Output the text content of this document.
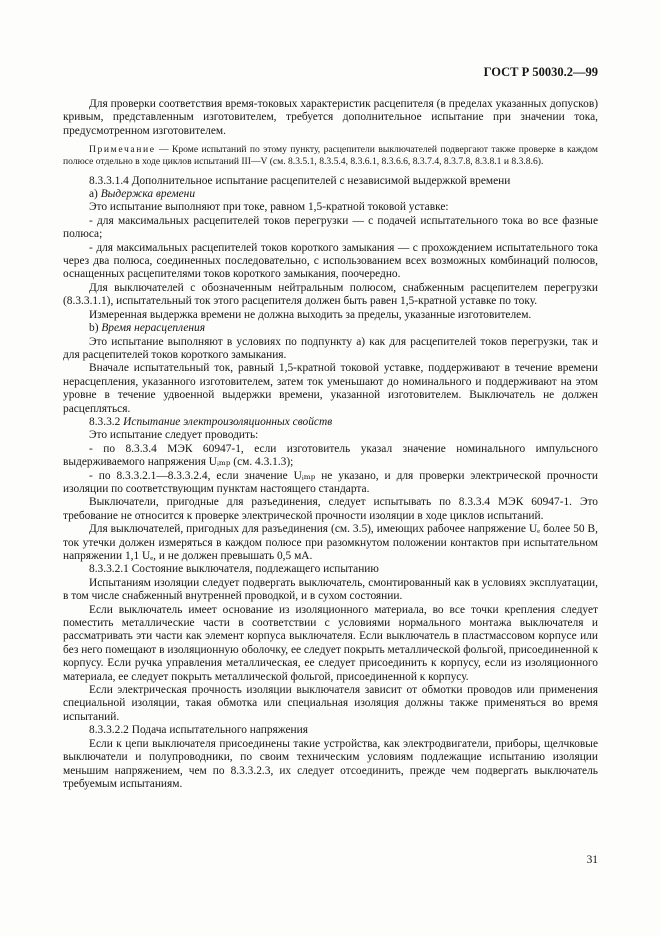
ГОСТ Р 50030.2—99

Для проверки соответствия время-токовых характеристик расцепителя (в пределах указанных допусков) кривым, представленным изготовителем, требуется дополнительное испытание при значении тока, предусмотренном изготовителем.

Примечание — Кроме испытаний по этому пункту, расцепители выключателей подвергают также проверке в каждом полюсе отдельно в ходе циклов испытаний III—V (см. 8.3.5.1, 8.3.5.4, 8.3.6.1, 8.3.6.6, 8.3.7.4, 8.3.7.8, 8.3.8.1 и 8.3.8.6).

8.3.3.1.4 Дополнительное испытание расцепителей с независимой выдержкой времени

а) Выдержка времени

Это испытание выполняют при токе, равном 1,5-кратной токовой уставке:

- для максимальных расцепителей токов перегрузки — с подачей испытательного тока во все фазные полюса;

- для максимальных расцепителей токов короткого замыкания — с прохождением испытательного тока через два полюса, соединенных последовательно, с использованием всех возможных комбинаций полюсов, оснащенных расцепителями токов короткого замыкания, поочередно.

Для выключателей с обозначенным нейтральным полюсом, снабженным расцепителем перегрузки (8.3.3.1.1), испытательный ток этого расцепителя должен быть равен 1,5-кратной уставке по току.

Измеренная выдержка времени не должна выходить за пределы, указанные изготовителем.

b) Время нерасцепления

Это испытание выполняют в условиях по подпункту а) как для расцепителей токов перегрузки, так и для расцепителей токов короткого замыкания.

Вначале испытательный ток, равный 1,5-кратной токовой уставке, поддерживают в течение времени нерасцепления, указанного изготовителем, затем ток уменьшают до номинального и поддерживают на этом уровне в течение удвоенной выдержки времени, указанной изготовителем. Выключатель не должен расцепляться.

8.3.3.2 Испытание электроизоляционных свойств

Это испытание следует проводить:

- по 8.3.3.4 МЭК 60947-1, если изготовитель указал значение номинального импульсного выдерживаемого напряжения Uᵢₘₚ (см. 4.3.1.3);

- по 8.3.3.2.1—8.3.3.2.4, если значение Uᵢₘₚ не указано, и для проверки электрической прочности изоляции по соответствующим пунктам настоящего стандарта.

Выключатели, пригодные для разъединения, следует испытывать по 8.3.3.4 МЭК 60947-1. Это требование не относится к проверке электрической прочности изоляции в ходе циклов испытаний.

Для выключателей, пригодных для разъединения (см. 3.5), имеющих рабочее напряжение Uₑ более 50 В, ток утечки должен измеряться в каждом полюсе при разомкнутом положении контактов при испытательном напряжении 1,1 Uₑ, и не должен превышать 0,5 мА.

8.3.3.2.1 Состояние выключателя, подлежащего испытанию

Испытаниям изоляции следует подвергать выключатель, смонтированный как в условиях эксплуатации, в том числе снабженный внутренней проводкой, и в сухом состоянии.

Если выключатель имеет основание из изоляционного материала, во все точки крепления следует поместить металлические части в соответствии с условиями нормального монтажа выключателя и рассматривать эти части как элемент корпуса выключателя. Если выключатель в пластмассовом корпусе или без него помещают в изоляционную оболочку, ее следует покрыть металлической фольгой, присоединенной к корпусу. Если ручка управления металлическая, ее следует присоединить к корпусу, если из изоляционного материала, ее следует покрыть металлической фольгой, присоединенной к корпусу.

Если электрическая прочность изоляции выключателя зависит от обмотки проводов или применения специальной изоляции, такая обмотка или специальная изоляция должны также применяться во время испытаний.

8.3.3.2.2 Подача испытательного напряжения

Если к цепи выключателя присоединены такие устройства, как электродвигатели, приборы, щелчковые выключатели и полупроводники, по своим техническим условиям подлежащие испытанию изоляции меньшим напряжением, чем по 8.3.3.2.3, их следует отсоединить, прежде чем подвергать выключатель требуемым испытаниям.

31
